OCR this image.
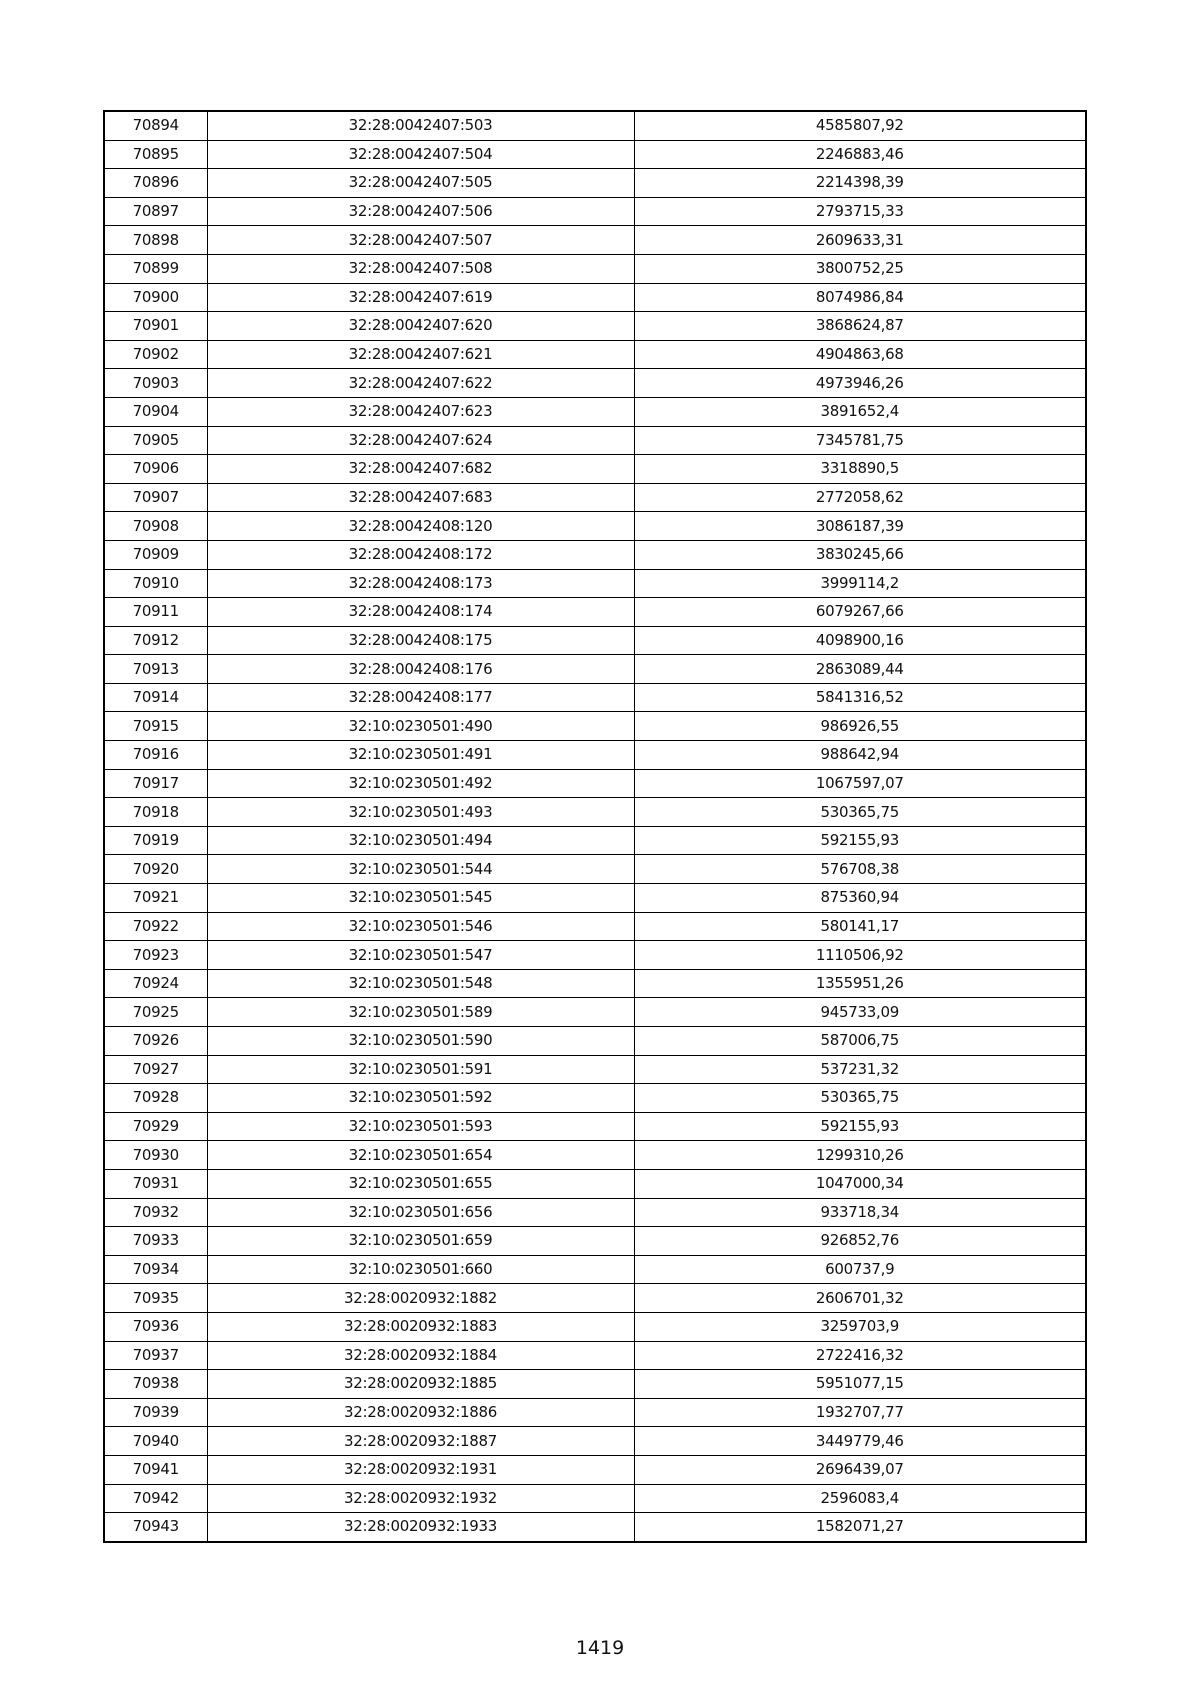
70894	32:28:0042407:503	4585807,92
70895	32:28:0042407:504	2246883,46
70896	32:28:0042407:505	2214398,39
70897	32:28:0042407:506	2793715,33
70898	32:28:0042407:507	2609633,31
70899	32:28:0042407:508	3800752,25
70900	32:28:0042407:619	8074986,84
70901	32:28:0042407:620	3868624,87
70902	32:28:0042407:621	4904863,68
70903	32:28:0042407:622	4973946,26
70904	32:28:0042407:623	3891652,4
70905	32:28:0042407:624	7345781,75
70906	32:28:0042407:682	3318890,5
70907	32:28:0042407:683	2772058,62
70908	32:28:0042408:120	3086187,39
70909	32:28:0042408:172	3830245,66
70910	32:28:0042408:173	3999114,2
70911	32:28:0042408:174	6079267,66
70912	32:28:0042408:175	4098900,16
70913	32:28:0042408:176	2863089,44
70914	32:28:0042408:177	5841316,52
70915	32:10:0230501:490	986926,55
70916	32:10:0230501:491	988642,94
70917	32:10:0230501:492	1067597,07
70918	32:10:0230501:493	530365,75
70919	32:10:0230501:494	592155,93
70920	32:10:0230501:544	576708,38
70921	32:10:0230501:545	875360,94
70922	32:10:0230501:546	580141,17
70923	32:10:0230501:547	1110506,92
70924	32:10:0230501:548	1355951,26
70925	32:10:0230501:589	945733,09
70926	32:10:0230501:590	587006,75
70927	32:10:0230501:591	537231,32
70928	32:10:0230501:592	530365,75
70929	32:10:0230501:593	592155,93
70930	32:10:0230501:654	1299310,26
70931	32:10:0230501:655	1047000,34
70932	32:10:0230501:656	933718,34
70933	32:10:0230501:659	926852,76
70934	32:10:0230501:660	600737,9
70935	32:28:0020932:1882	2606701,32
70936	32:28:0020932:1883	3259703,9
70937	32:28:0020932:1884	2722416,32
70938	32:28:0020932:1885	5951077,15
70939	32:28:0020932:1886	1932707,77
70940	32:28:0020932:1887	3449779,46
70941	32:28:0020932:1931	2696439,07
70942	32:28:0020932:1932	2596083,4
70943	32:28:0020932:1933	1582071,27
1419
